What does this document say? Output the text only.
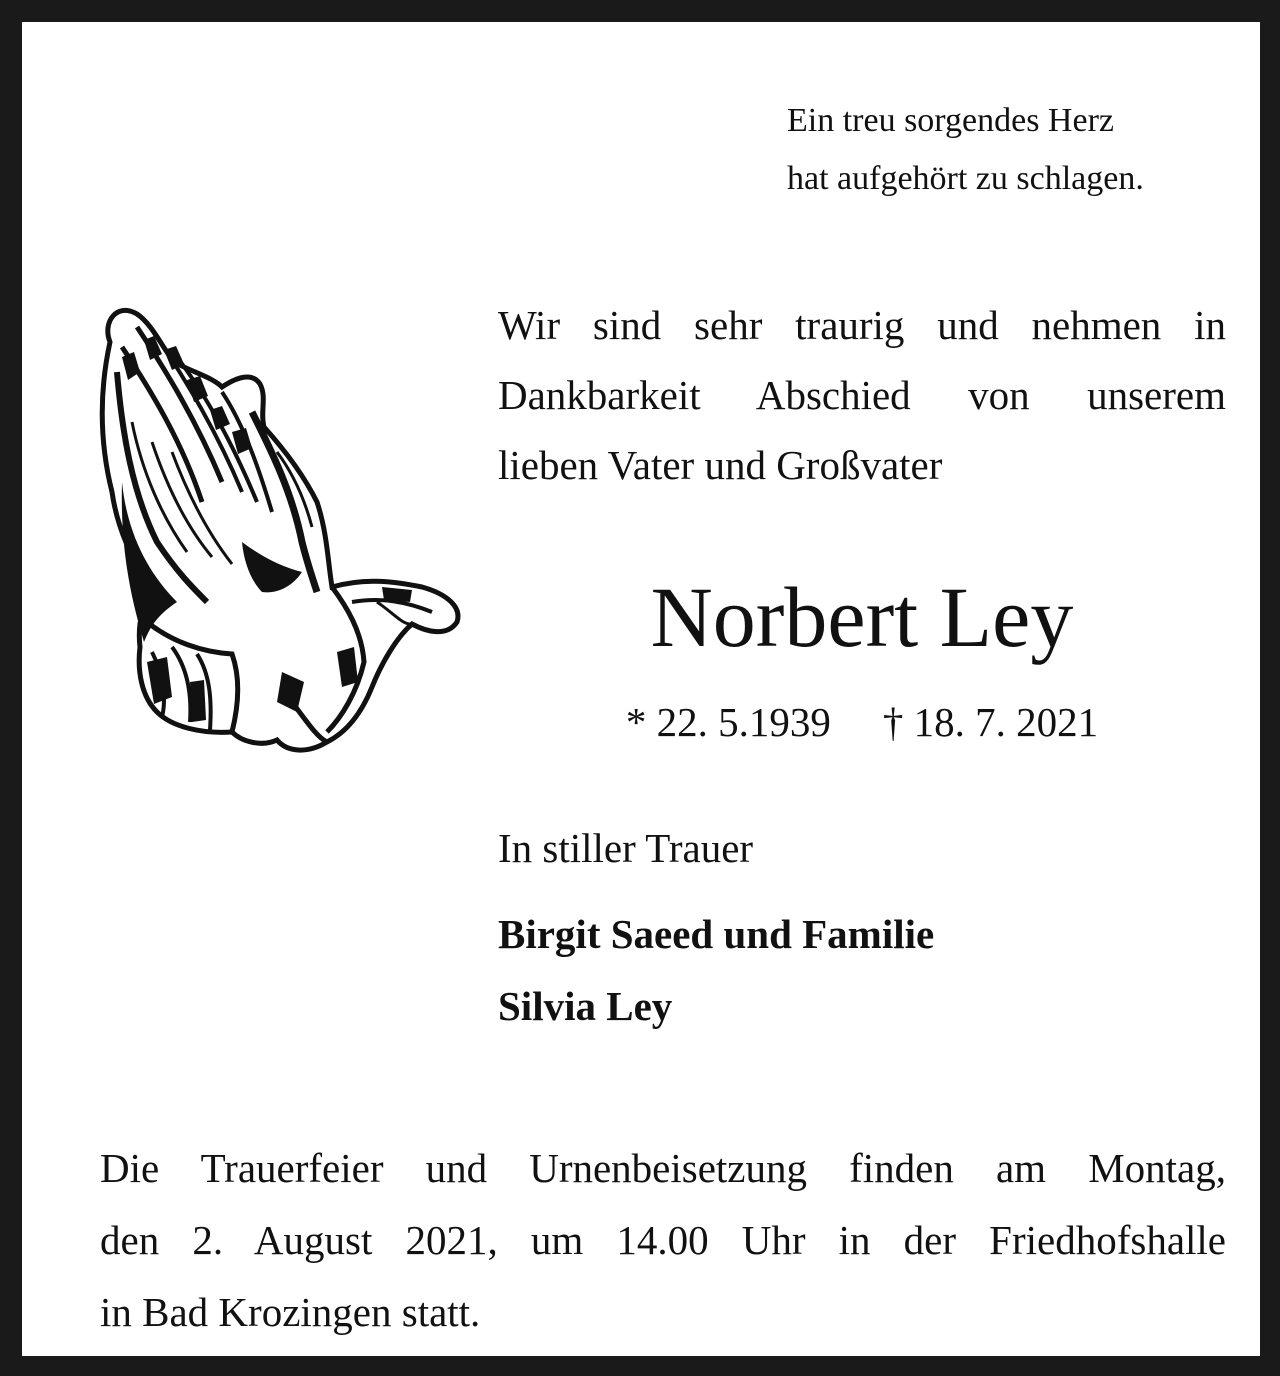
Ein treu sorgendes Herz
hat aufgehört zu schlagen.
Wir sind sehr traurig und nehmen in
Dankbarkeit Abschied von unserem
lieben Vater und Großvater
Norbert Ley
* 22. 5.1939 † 18. 7. 2021
In stiller Trauer
Birgit Saeed und Familie
Silvia Ley
Die Trauerfeier und Urnenbeisetzung finden am Montag,
den 2. August 2021, um 14.00 Uhr in der Friedhofshalle
in Bad Krozingen statt.
